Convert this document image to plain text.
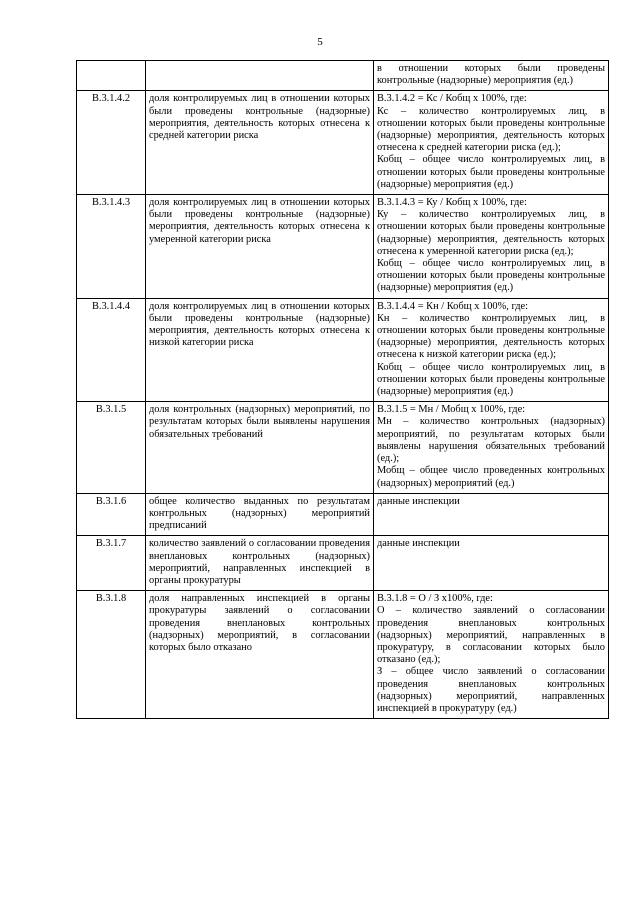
5

		в отношении которых были проведены контрольные (надзорные) мероприятия (ед.)

В.3.1.4.2	доля контролируемых лиц в отношении которых были проведены контрольные (надзорные) мероприятия, деятельность которых отнесена к средней категории риска	В.3.1.4.2 = Кс / Кобщ х 100%, где:
Кс – количество контролируемых лиц, в отношении которых были проведены контрольные (надзорные) мероприятия, деятельность которых отнесена к средней категории риска (ед.);
Кобщ – общее число контролируемых лиц, в отношении которых были проведены контрольные (надзорные) мероприятия (ед.)

В.3.1.4.3	доля контролируемых лиц в отношении которых были проведены контрольные (надзорные) мероприятия, деятельность которых отнесена к умеренной категории риска	В.3.1.4.3 = Ку / Кобщ х 100%, где:
Ку – количество контролируемых лиц, в отношении которых были проведены контрольные (надзорные) мероприятия, деятельность которых отнесена к умеренной категории риска (ед.);
Кобщ – общее число контролируемых лиц, в отношении которых были проведены контрольные (надзорные) мероприятия (ед.)

В.3.1.4.4	доля контролируемых лиц в отношении которых были проведены контрольные (надзорные) мероприятия, деятельность которых отнесена к низкой категории риска	В.3.1.4.4 = Кн / Кобщ х 100%, где:
Кн – количество контролируемых лиц, в отношении которых были проведены контрольные (надзорные) мероприятия, деятельность которых отнесена к низкой категории риска (ед.);
Кобщ – общее число контролируемых лиц, в отношении которых были проведены контрольные (надзорные) мероприятия (ед.)

В.3.1.5	доля контрольных (надзорных) мероприятий, по результатам которых были выявлены нарушения обязательных требований	В.3.1.5 = Мн / Мобщ х 100%, где:
Мн – количество контрольных (надзорных) мероприятий, по результатам которых были выявлены нарушения обязательных требований (ед.);
Мобщ – общее число проведенных контрольных (надзорных) мероприятий (ед.)

В.3.1.6	общее количество выданных по результатам контрольных (надзорных) мероприятий предписаний	данные инспекции

В.3.1.7	количество заявлений о согласовании проведения внеплановых контрольных (надзорных) мероприятий, направленных инспекцией в органы прокуратуры	данные инспекции

В.3.1.8	доля направленных инспекцией в органы прокуратуры заявлений о согласовании проведения внеплановых контрольных (надзорных) мероприятий, в согласовании которых было отказано	В.3.1.8 = О / З х100%, где:
О – количество заявлений о согласовании проведения внеплановых контрольных (надзорных) мероприятий, направленных в прокуратуру, в согласовании которых было отказано (ед.);
З – общее число заявлений о согласовании проведения внеплановых контрольных (надзорных) мероприятий, направленных инспекцией в прокуратуру (ед.)
